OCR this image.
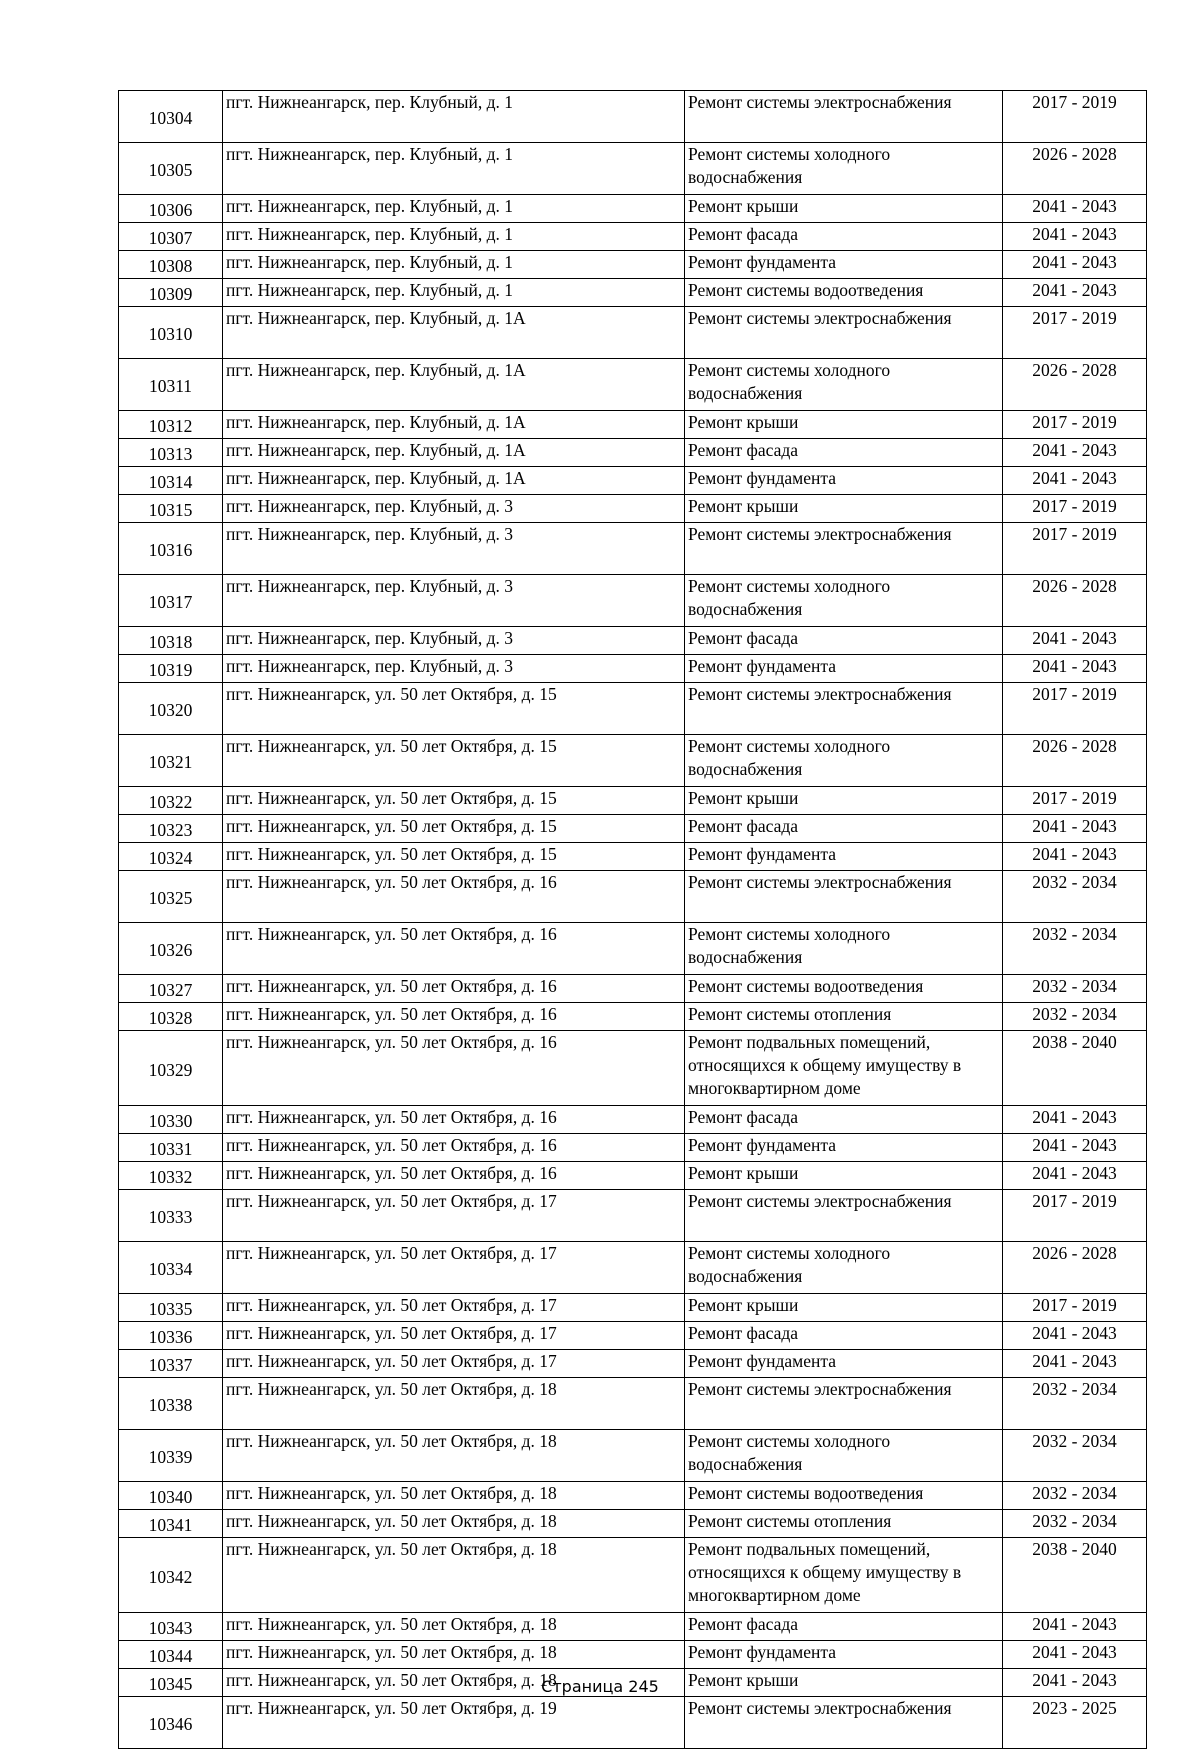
10304	пгт. Нижнеангарск, пер. Клубный, д. 1	Ремонт системы электроснабжения	2017 - 2019
10305	пгт. Нижнеангарск, пер. Клубный, д. 1	Ремонт системы холодного водоснабжения	2026 - 2028
10306	пгт. Нижнеангарск, пер. Клубный, д. 1	Ремонт крыши	2041 - 2043
10307	пгт. Нижнеангарск, пер. Клубный, д. 1	Ремонт фасада	2041 - 2043
10308	пгт. Нижнеангарск, пер. Клубный, д. 1	Ремонт фундамента	2041 - 2043
10309	пгт. Нижнеангарск, пер. Клубный, д. 1	Ремонт системы водоотведения	2041 - 2043
10310	пгт. Нижнеангарск, пер. Клубный, д. 1А	Ремонт системы электроснабжения	2017 - 2019
10311	пгт. Нижнеангарск, пер. Клубный, д. 1А	Ремонт системы холодного водоснабжения	2026 - 2028
10312	пгт. Нижнеангарск, пер. Клубный, д. 1А	Ремонт крыши	2017 - 2019
10313	пгт. Нижнеангарск, пер. Клубный, д. 1А	Ремонт фасада	2041 - 2043
10314	пгт. Нижнеангарск, пер. Клубный, д. 1А	Ремонт фундамента	2041 - 2043
10315	пгт. Нижнеангарск, пер. Клубный, д. 3	Ремонт крыши	2017 - 2019
10316	пгт. Нижнеангарск, пер. Клубный, д. 3	Ремонт системы электроснабжения	2017 - 2019
10317	пгт. Нижнеангарск, пер. Клубный, д. 3	Ремонт системы холодного водоснабжения	2026 - 2028
10318	пгт. Нижнеангарск, пер. Клубный, д. 3	Ремонт фасада	2041 - 2043
10319	пгт. Нижнеангарск, пер. Клубный, д. 3	Ремонт фундамента	2041 - 2043
10320	пгт. Нижнеангарск, ул. 50 лет Октября, д. 15	Ремонт системы электроснабжения	2017 - 2019
10321	пгт. Нижнеангарск, ул. 50 лет Октября, д. 15	Ремонт системы холодного водоснабжения	2026 - 2028
10322	пгт. Нижнеангарск, ул. 50 лет Октября, д. 15	Ремонт крыши	2017 - 2019
10323	пгт. Нижнеангарск, ул. 50 лет Октября, д. 15	Ремонт фасада	2041 - 2043
10324	пгт. Нижнеангарск, ул. 50 лет Октября, д. 15	Ремонт фундамента	2041 - 2043
10325	пгт. Нижнеангарск, ул. 50 лет Октября, д. 16	Ремонт системы электроснабжения	2032 - 2034
10326	пгт. Нижнеангарск, ул. 50 лет Октября, д. 16	Ремонт системы холодного водоснабжения	2032 - 2034
10327	пгт. Нижнеангарск, ул. 50 лет Октября, д. 16	Ремонт системы водоотведения	2032 - 2034
10328	пгт. Нижнеангарск, ул. 50 лет Октября, д. 16	Ремонт системы отопления	2032 - 2034
10329	пгт. Нижнеангарск, ул. 50 лет Октября, д. 16	Ремонт подвальных помещений, относящихся к общему имуществу в многоквартирном доме	2038 - 2040
10330	пгт. Нижнеангарск, ул. 50 лет Октября, д. 16	Ремонт фасада	2041 - 2043
10331	пгт. Нижнеангарск, ул. 50 лет Октября, д. 16	Ремонт фундамента	2041 - 2043
10332	пгт. Нижнеангарск, ул. 50 лет Октября, д. 16	Ремонт крыши	2041 - 2043
10333	пгт. Нижнеангарск, ул. 50 лет Октября, д. 17	Ремонт системы электроснабжения	2017 - 2019
10334	пгт. Нижнеангарск, ул. 50 лет Октября, д. 17	Ремонт системы холодного водоснабжения	2026 - 2028
10335	пгт. Нижнеангарск, ул. 50 лет Октября, д. 17	Ремонт крыши	2017 - 2019
10336	пгт. Нижнеангарск, ул. 50 лет Октября, д. 17	Ремонт фасада	2041 - 2043
10337	пгт. Нижнеангарск, ул. 50 лет Октября, д. 17	Ремонт фундамента	2041 - 2043
10338	пгт. Нижнеангарск, ул. 50 лет Октября, д. 18	Ремонт системы электроснабжения	2032 - 2034
10339	пгт. Нижнеангарск, ул. 50 лет Октября, д. 18	Ремонт системы холодного водоснабжения	2032 - 2034
10340	пгт. Нижнеангарск, ул. 50 лет Октября, д. 18	Ремонт системы водоотведения	2032 - 2034
10341	пгт. Нижнеангарск, ул. 50 лет Октября, д. 18	Ремонт системы отопления	2032 - 2034
10342	пгт. Нижнеангарск, ул. 50 лет Октября, д. 18	Ремонт подвальных помещений, относящихся к общему имуществу в многоквартирном доме	2038 - 2040
10343	пгт. Нижнеангарск, ул. 50 лет Октября, д. 18	Ремонт фасада	2041 - 2043
10344	пгт. Нижнеангарск, ул. 50 лет Октября, д. 18	Ремонт фундамента	2041 - 2043
10345	пгт. Нижнеангарск, ул. 50 лет Октября, д. 18	Ремонт крыши	2041 - 2043
10346	пгт. Нижнеангарск, ул. 50 лет Октября, д. 19	Ремонт системы электроснабжения	2023 - 2025
Страница 245
